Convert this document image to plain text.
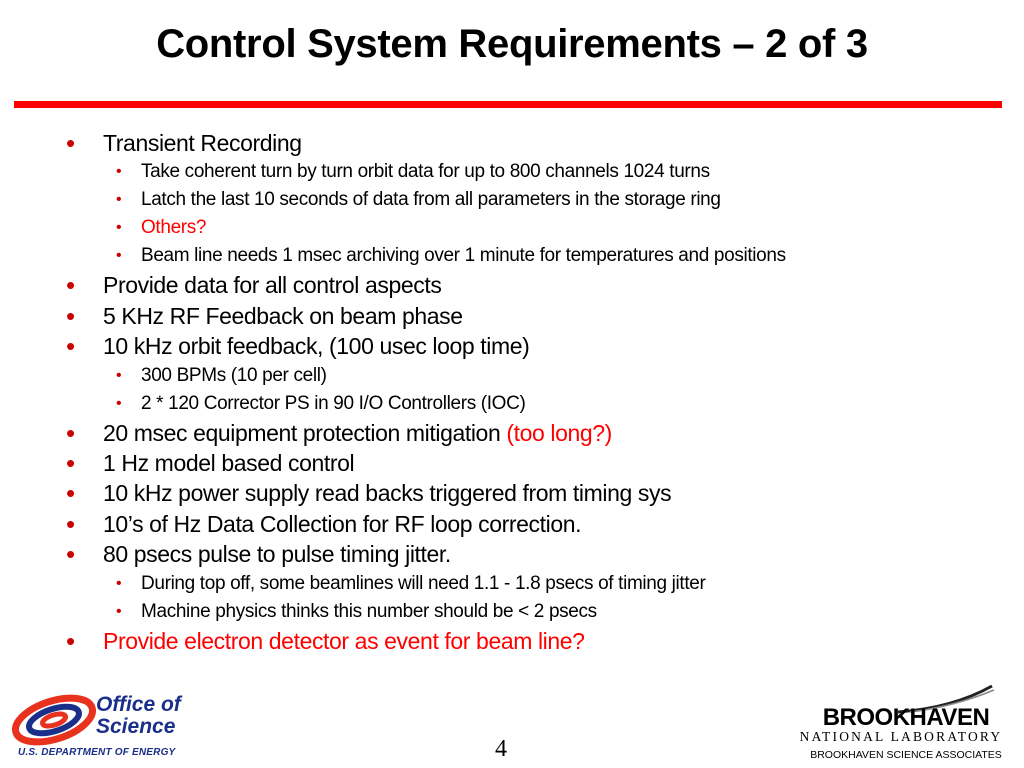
Control System Requirements – 2 of 3
• Transient Recording
• Take coherent turn by turn orbit data for up to 800 channels 1024 turns
• Latch the last 10 seconds of data from all parameters in the storage ring
• Others?
• Beam line needs 1 msec archiving over 1 minute for temperatures and positions
• Provide data for all control aspects
• 5 KHz RF Feedback on beam phase
• 10 kHz orbit feedback, (100 usec loop time)
• 300 BPMs (10 per cell)
• 2 * 120 Corrector PS in 90 I/O Controllers (IOC)
• 20 msec equipment protection mitigation (too long?)
• 1 Hz model based control
• 10 kHz power supply read backs triggered from timing sys
• 10’s of Hz Data Collection for RF loop correction.
• 80 psecs pulse to pulse timing jitter.
• During top off, some beamlines will need 1.1 - 1.8 psecs of timing jitter
• Machine physics thinks this number should be < 2 psecs
• Provide electron detector as event for beam line?
Office of
Science
U.S. DEPARTMENT OF ENERGY	4
BROOKHAVEN
NATIONAL LABORATORY
BROOKHAVEN SCIENCE ASSOCIATES
